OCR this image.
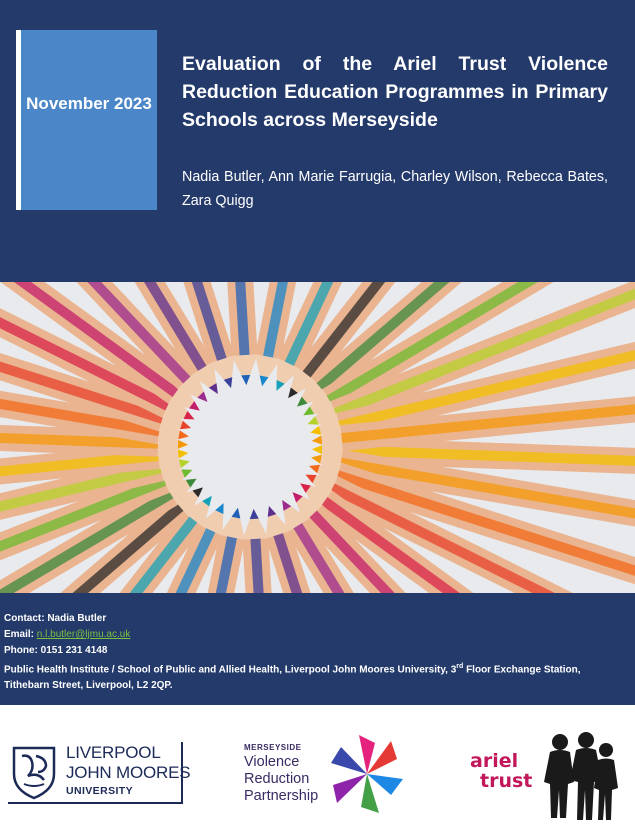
November 2023
Evaluation of the Ariel Trust Violence Reduction Education Programmes in Primary Schools across Merseyside
Nadia Butler, Ann Marie Farrugia, Charley Wilson, Rebecca Bates, Zara Quigg
Contact: Nadia Butler
Email: n.l.butler@ljmu.ac.uk
Phone: 0151 231 4148
Public Health Institute / School of Public and Allied Health, Liverpool John Moores University, 3rd Floor Exchange Station,
Tithebarn Street, Liverpool, L2 2QP.
LIVERPOOL
JOHN MOORES
UNIVERSITY
MERSEYSIDE
Violence
Reduction
Partnership
ariel
trust
